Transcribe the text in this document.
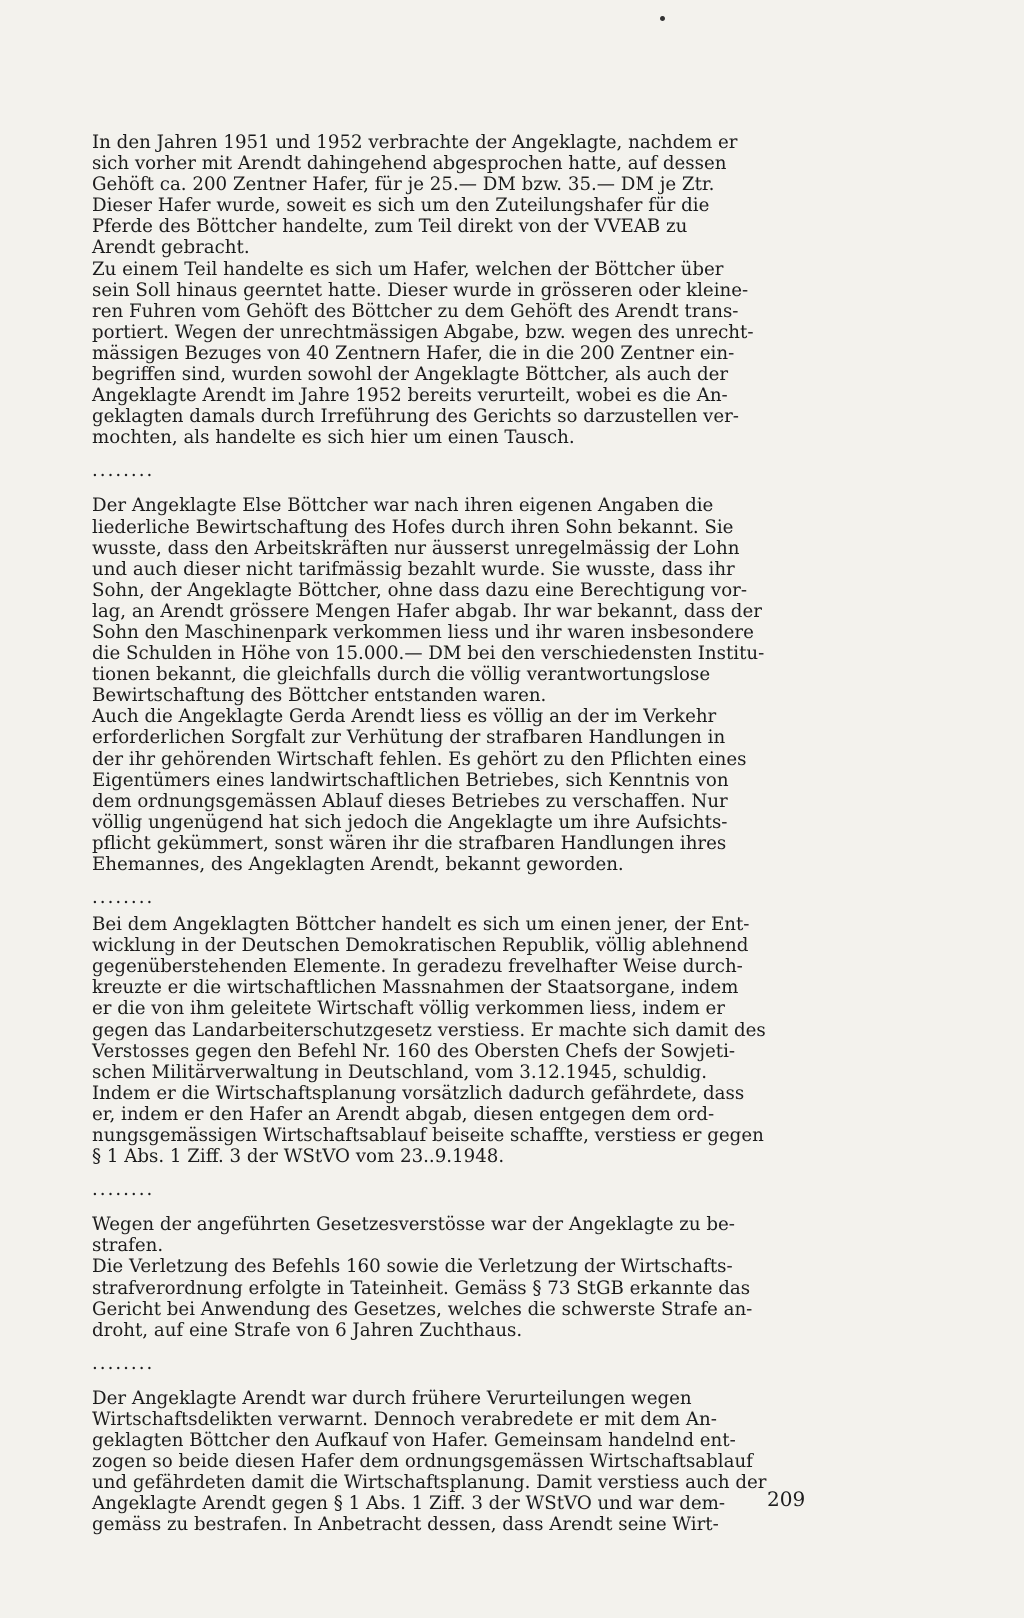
In den Jahren 1951 und 1952 verbrachte der Angeklagte, nachdem er
sich vorher mit Arendt dahingehend abgesprochen hatte, auf dessen
Gehöft ca. 200 Zentner Hafer, für je 25.— DM bzw. 35.— DM je Ztr.
Dieser Hafer wurde, soweit es sich um den Zuteilungshafer für die
Pferde des Böttcher handelte, zum Teil direkt von der VVEAB zu
Arendt gebracht.

Zu einem Teil handelte es sich um Hafer, welchen der Böttcher über
sein Soll hinaus geerntet hatte. Dieser wurde in grösseren oder kleine-
ren Fuhren vom Gehöft des Böttcher zu dem Gehöft des Arendt trans-
portiert. Wegen der unrechtmässigen Abgabe, bzw. wegen des unrecht-
mässigen Bezuges von 40 Zentnern Hafer, die in die 200 Zentner ein-
begriffen sind, wurden sowohl der Angeklagte Böttcher, als auch der
Angeklagte Arendt im Jahre 1952 bereits verurteilt, wobei es die An-
geklagten damals durch Irreführung des Gerichts so darzustellen ver-
mochten, als handelte es sich hier um einen Tausch.

........

Der Angeklagte Else Böttcher war nach ihren eigenen Angaben die
liederliche Bewirtschaftung des Hofes durch ihren Sohn bekannt. Sie
wusste, dass den Arbeitskräften nur äusserst unregelmässig der Lohn
und auch dieser nicht tarifmässig bezahlt wurde. Sie wusste, dass ihr
Sohn, der Angeklagte Böttcher, ohne dass dazu eine Berechtigung vor-
lag, an Arendt grössere Mengen Hafer abgab. Ihr war bekannt, dass der
Sohn den Maschinenpark verkommen liess und ihr waren insbesondere
die Schulden in Höhe von 15.000.— DM bei den verschiedensten Institu-
tionen bekannt, die gleichfalls durch die völlig verantwortungslose
Bewirtschaftung des Böttcher entstanden waren.

Auch die Angeklagte Gerda Arendt liess es völlig an der im Verkehr
erforderlichen Sorgfalt zur Verhütung der strafbaren Handlungen in
der ihr gehörenden Wirtschaft fehlen. Es gehört zu den Pflichten eines
Eigentümers eines landwirtschaftlichen Betriebes, sich Kenntnis von
dem ordnungsgemässen Ablauf dieses Betriebes zu verschaffen. Nur
völlig ungenügend hat sich jedoch die Angeklagte um ihre Aufsichts-
pflicht gekümmert, sonst wären ihr die strafbaren Handlungen ihres
Ehemannes, des Angeklagten Arendt, bekannt geworden.

........

Bei dem Angeklagten Böttcher handelt es sich um einen jener, der Ent-
wicklung in der Deutschen Demokratischen Republik, völlig ablehnend
gegenüberstehenden Elemente. In geradezu frevelhafter Weise durch-
kreuzte er die wirtschaftlichen Massnahmen der Staatsorgane, indem
er die von ihm geleitete Wirtschaft völlig verkommen liess, indem er
gegen das Landarbeiterschutzgesetz verstiess. Er machte sich damit des
Verstosses gegen den Befehl Nr. 160 des Obersten Chefs der Sowjeti-
schen Militärverwaltung in Deutschland, vom 3.12.1945, schuldig.

Indem er die Wirtschaftsplanung vorsätzlich dadurch gefährdete, dass
er, indem er den Hafer an Arendt abgab, diesen entgegen dem ord-
nungsgemässigen Wirtschaftsablauf beiseite schaffte, verstiess er gegen
§ 1 Abs. 1 Ziff. 3 der WStVO vom 23..9.1948.

........

Wegen der angeführten Gesetzesverstösse war der Angeklagte zu be-
strafen.

Die Verletzung des Befehls 160 sowie die Verletzung der Wirtschafts-
strafverordnung erfolgte in Tateinheit. Gemäss § 73 StGB erkannte das
Gericht bei Anwendung des Gesetzes, welches die schwerste Strafe an-
droht, auf eine Strafe von 6 Jahren Zuchthaus.

........

Der Angeklagte Arendt war durch frühere Verurteilungen wegen
Wirtschaftsdelikten verwarnt. Dennoch verabredete er mit dem An-
geklagten Böttcher den Aufkauf von Hafer. Gemeinsam handelnd ent-
zogen so beide diesen Hafer dem ordnungsgemässen Wirtschaftsablauf
und gefährdeten damit die Wirtschaftsplanung. Damit verstiess auch der
Angeklagte Arendt gegen § 1 Abs. 1 Ziff. 3 der WStVO und war dem-
gemäss zu bestrafen. In Anbetracht dessen, dass Arendt seine Wirt-

209
